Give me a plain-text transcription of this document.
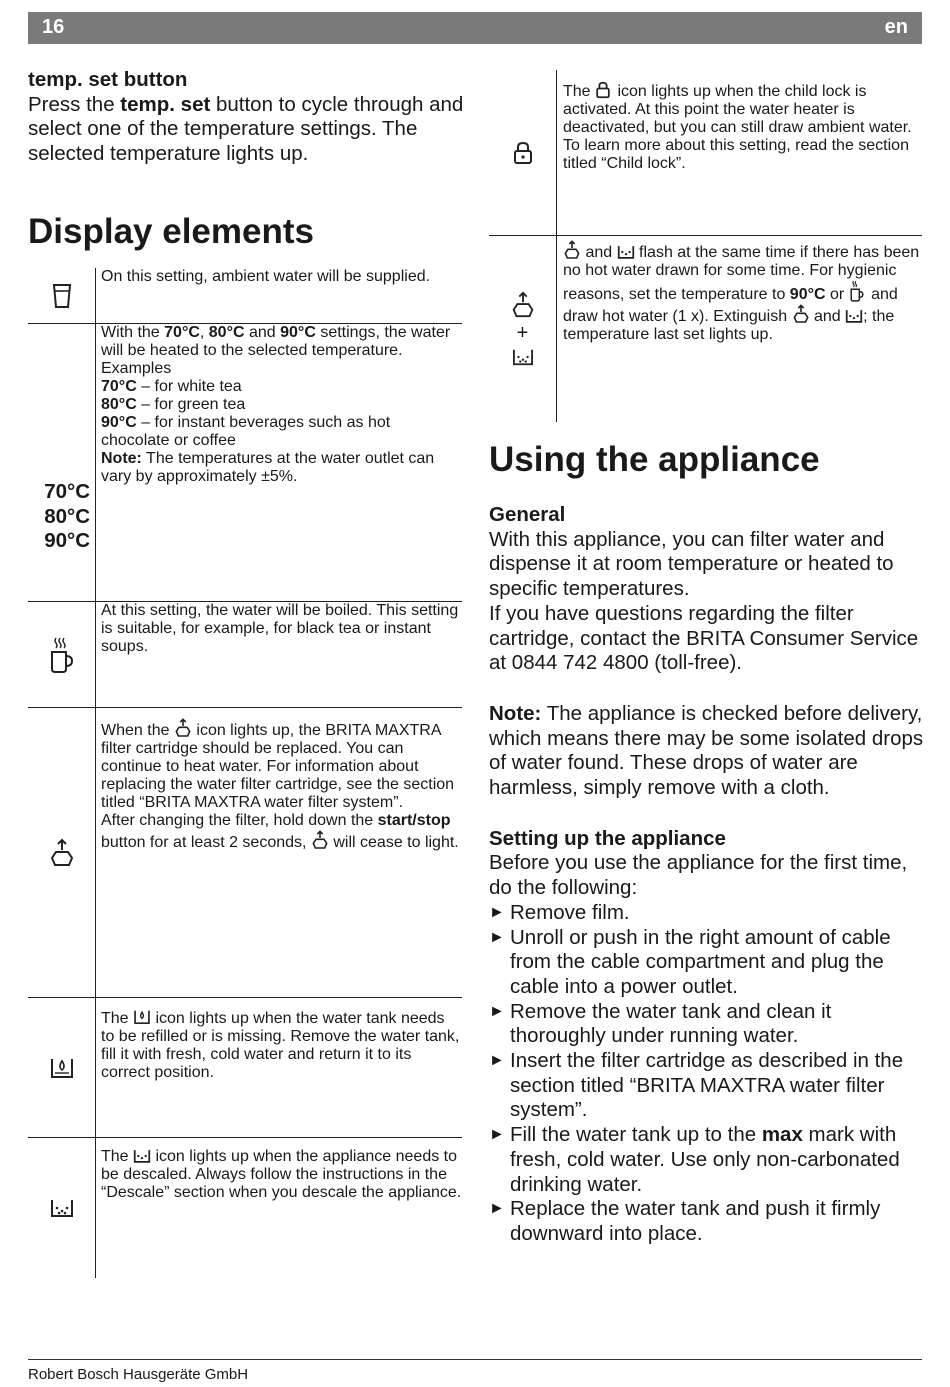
16	en
temp. set button
Press the temp. set button to cycle through and select one of the temperature settings. The selected temperature lights up.
Display elements
On this setting, ambient water will be supplied.
70°C
80°C
90°C
With the 70°C, 80°C and 90°C settings, the water will be heated to the selected temperature.
Examples
70°C – for white tea
80°C – for green tea
90°C – for instant beverages such as hot chocolate or coffee
Note: The temperatures at the water outlet can vary by approximately ±5%.
At this setting, the water will be boiled. This setting is suitable, for example, for black tea or instant soups.
When the  icon lights up, the BRITA MAXTRA filter cartridge should be replaced. You can continue to heat water. For information about replacing the water filter cartridge, see the section titled “BRITA MAXTRA water filter system”.
After changing the filter, hold down the start/stop button for at least 2 seconds,  will cease to light.
The  icon lights up when the water tank needs to be refilled or is missing. Remove the water tank, fill it with fresh, cold water and return it to its correct position.
The  icon lights up when the appliance needs to be descaled. Always follow the instructions in the “Descale” section when you descale the appliance.
The  icon lights up when the child lock is activated. At this point the water heater is deactivated, but you can still draw ambient water. To learn more about this setting, read the section titled “Child lock”.
+
and  flash at the same time if there has been no hot water drawn for some time. For hygienic reasons, set the temperature to 90°C or  and draw hot water (1 x). Extinguish  and ; the temperature last set lights up.
Using the appliance
General
With this appliance, you can filter water and dispense it at room temperature or heated to specific temperatures.
If you have questions regarding the filter cartridge, contact the BRITA Consumer Service at 0844 742 4800 (toll-free).
Note: The appliance is checked before delivery, which means there may be some isolated drops of water found. These drops of water are harmless, simply remove with a cloth.
Setting up the appliance
Before you use the appliance for the first time, do the following:
► Remove film.
► Unroll or push in the right amount of cable from the cable compartment and plug the cable into a power outlet.
► Remove the water tank and clean it thoroughly under running water.
► Insert the filter cartridge as described in the section titled “BRITA MAXTRA water filter system”.
► Fill the water tank up to the max mark with fresh, cold water. Use only non-carbonated drinking water.
► Replace the water tank and push it firmly downward into place.
Robert Bosch Hausgeräte GmbH
